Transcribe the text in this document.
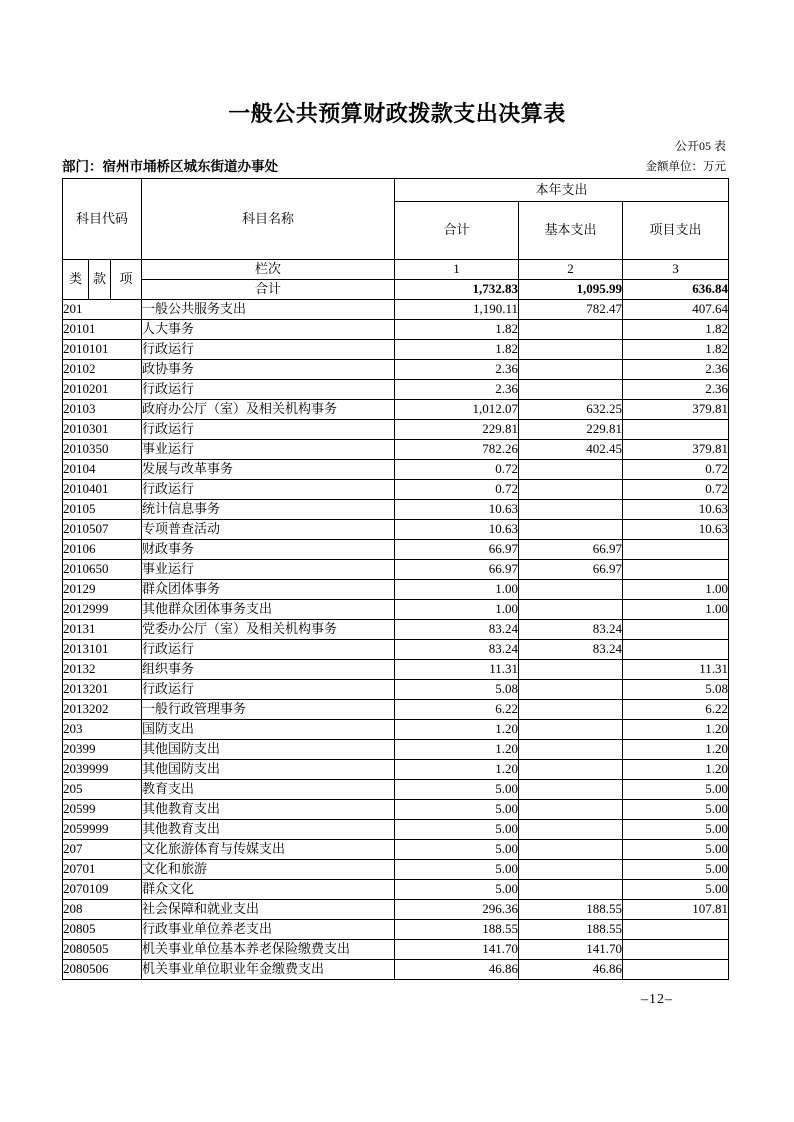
一般公共预算财政拨款支出决算表
公开05 表
部门：宿州市埇桥区城东街道办事处	金额单位：万元
科目代码			科目名称	本年支出		
				合计	基本支出	项目支出
类	款	项	栏次	1	2	3
			合计	1,732.83	1,095.99	636.84
201			一般公共服务支出	1,190.11	782.47	407.64
20101			人大事务	1.82		1.82
2010101			行政运行	1.82		1.82
20102			政协事务	2.36		2.36
2010201			行政运行	2.36		2.36
20103			政府办公厅（室）及相关机构事务	1,012.07	632.25	379.81
2010301			行政运行	229.81	229.81	
2010350			事业运行	782.26	402.45	379.81
20104			发展与改革事务	0.72		0.72
2010401			行政运行	0.72		0.72
20105			统计信息事务	10.63		10.63
2010507			专项普查活动	10.63		10.63
20106			财政事务	66.97	66.97	
2010650			事业运行	66.97	66.97	
20129			群众团体事务	1.00		1.00
2012999			其他群众团体事务支出	1.00		1.00
20131			党委办公厅（室）及相关机构事务	83.24	83.24	
2013101			行政运行	83.24	83.24	
20132			组织事务	11.31		11.31
2013201			行政运行	5.08		5.08
2013202			一般行政管理事务	6.22		6.22
203			国防支出	1.20		1.20
20399			其他国防支出	1.20		1.20
2039999			其他国防支出	1.20		1.20
205			教育支出	5.00		5.00
20599			其他教育支出	5.00		5.00
2059999			其他教育支出	5.00		5.00
207			文化旅游体育与传媒支出	5.00		5.00
20701			文化和旅游	5.00		5.00
2070109			群众文化	5.00		5.00
208			社会保障和就业支出	296.36	188.55	107.81
20805			行政事业单位养老支出	188.55	188.55	
2080505			机关事业单位基本养老保险缴费支出	141.70	141.70	
2080506			机关事业单位职业年金缴费支出	46.86	46.86	
–12–
